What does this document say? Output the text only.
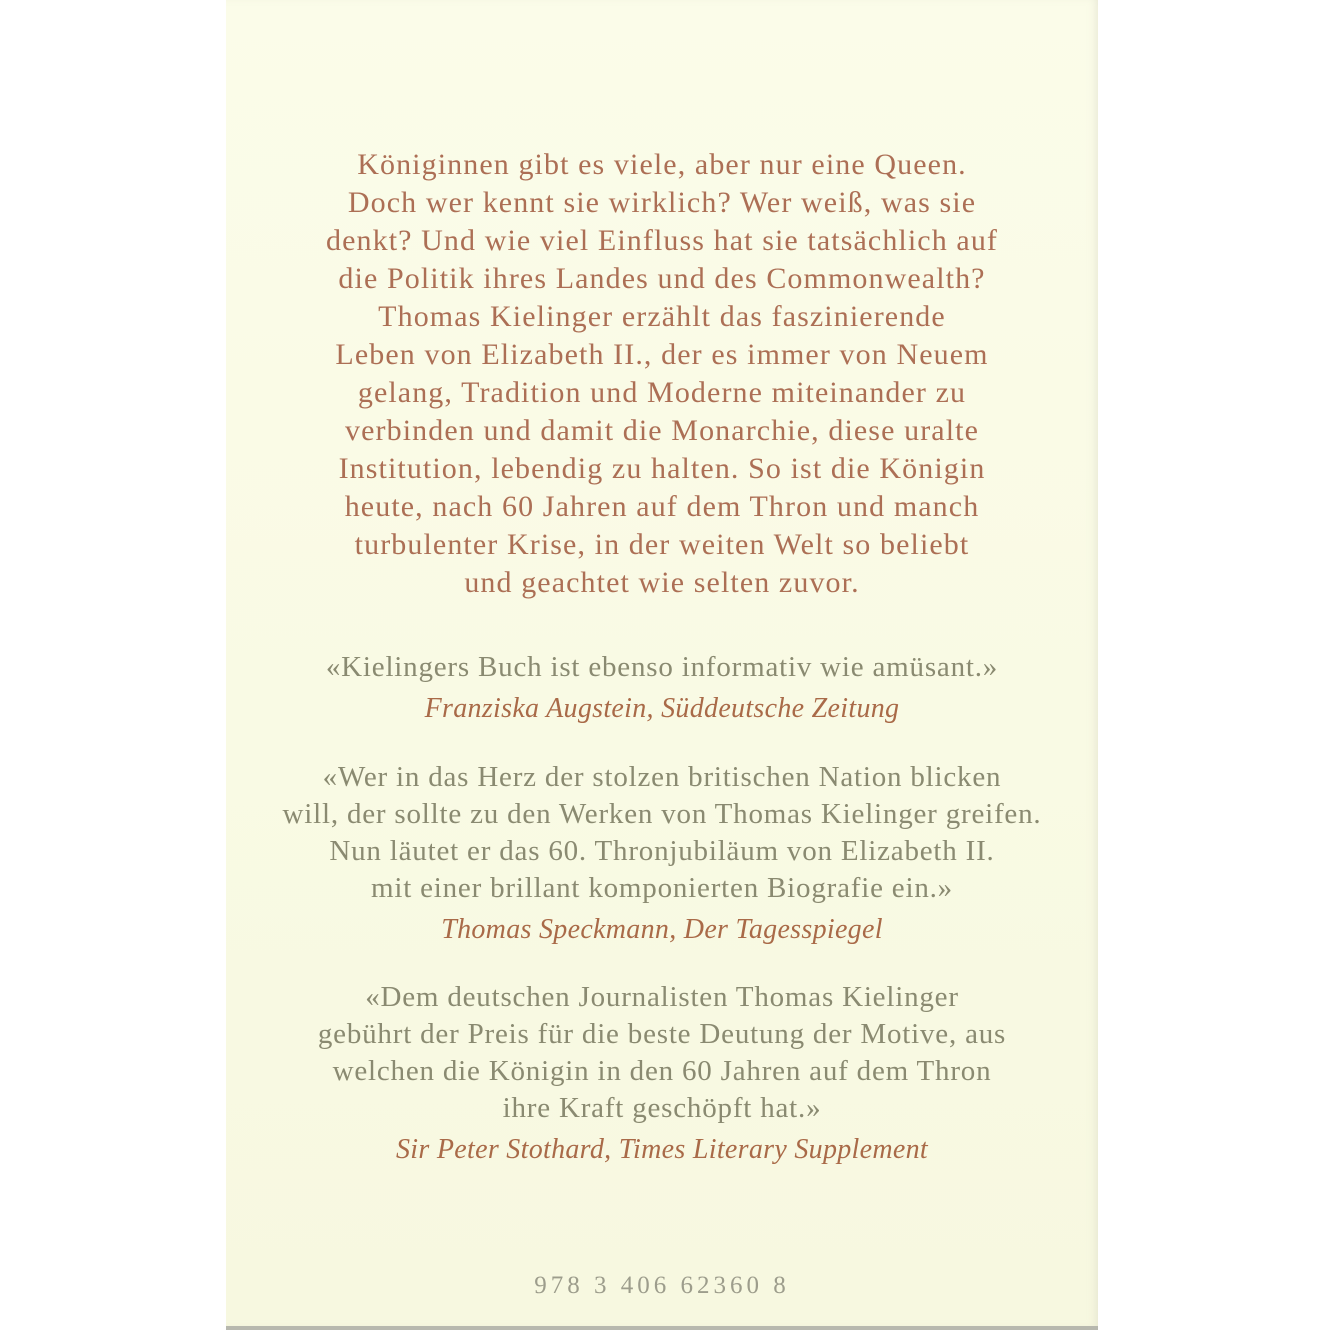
Königinnen gibt es viele, aber nur eine Queen.
Doch wer kennt sie wirklich? Wer weiß, was sie
denkt? Und wie viel Einfluss hat sie tatsächlich auf
die Politik ihres Landes und des Commonwealth?
Thomas Kielinger erzählt das faszinierende
Leben von Elizabeth II., der es immer von Neuem
gelang, Tradition und Moderne miteinander zu
verbinden und damit die Monarchie, diese uralte
Institution, lebendig zu halten. So ist die Königin
heute, nach 60 Jahren auf dem Thron und manch
turbulenter Krise, in der weiten Welt so beliebt
und geachtet wie selten zuvor.
«Kielingers Buch ist ebenso informativ wie amüsant.»
Franziska Augstein, Süddeutsche Zeitung
«Wer in das Herz der stolzen britischen Nation blicken
will, der sollte zu den Werken von Thomas Kielinger greifen.
Nun läutet er das 60. Thronjubiläum von Elizabeth II.
mit einer brillant komponierten Biografie ein.»
Thomas Speckmann, Der Tagesspiegel
«Dem deutschen Journalisten Thomas Kielinger
gebührt der Preis für die beste Deutung der Motive, aus
welchen die Königin in den 60 Jahren auf dem Thron
ihre Kraft geschöpft hat.»
Sir Peter Stothard, Times Literary Supplement
978 3 406 62360 8
